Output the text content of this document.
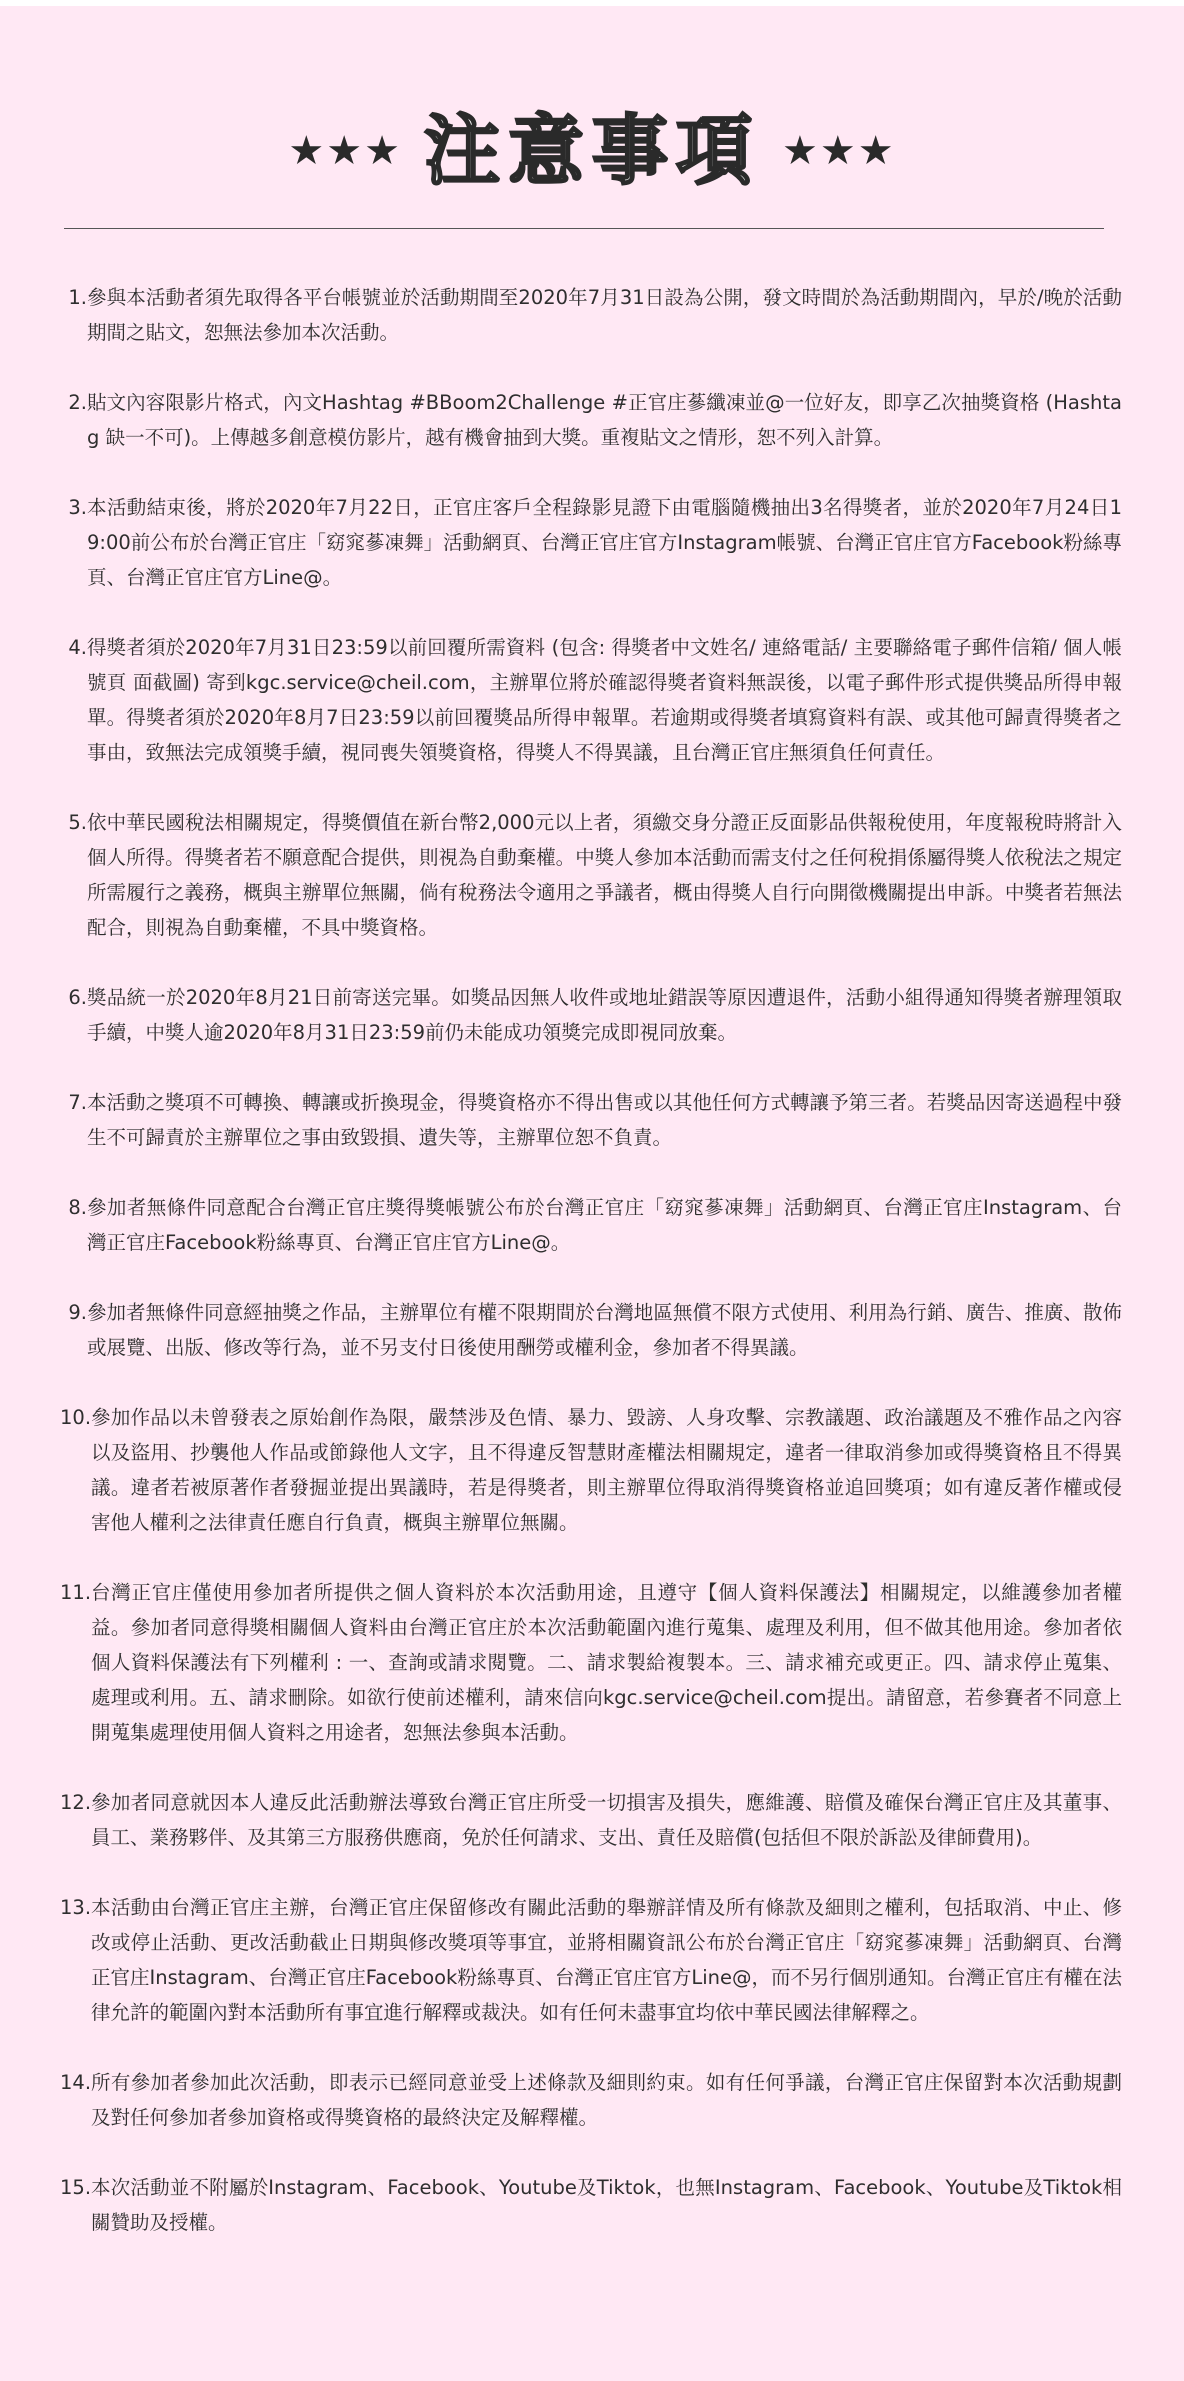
★★★ 注意事項 ★★★
1. 參與本活動者須先取得各平台帳號並於活動期間至2020年7月31日設為公開，發文時間於為活動期間內，早於/晚於活動期間之貼文，恕無法參加本次活動。
2. 貼文內容限影片格式，內文Hashtag #BBoom2Challenge #正官庄蔘纖凍並@一位好友，即享乙次抽獎資格 (Hashtag 缺一不可)。上傳越多創意模仿影片，越有機會抽到大獎。重複貼文之情形，恕不列入計算。
3. 本活動結束後，將於2020年7月22日，正官庄客戶全程錄影見證下由電腦隨機抽出3名得獎者，並於2020年7月24日19:00前公布於台灣正官庄「窈窕蔘凍舞」活動網頁、台灣正官庄官方Instagram帳號、台灣正官庄官方Facebook粉絲專頁、台灣正官庄官方Line@。
4. 得獎者須於2020年7月31日23:59以前回覆所需資料 (包含: 得獎者中文姓名/ 連絡電話/ 主要聯絡電子郵件信箱/ 個人帳號頁 面截圖) 寄到kgc.service@cheil.com，主辦單位將於確認得獎者資料無誤後，以電子郵件形式提供獎品所得申報單。得獎者須於2020年8月7日23:59以前回覆獎品所得申報單。若逾期或得獎者填寫資料有誤、或其他可歸責得獎者之事由，致無法完成領獎手續，視同喪失領獎資格，得獎人不得異議，且台灣正官庄無須負任何責任。
5. 依中華民國稅法相關規定，得獎價值在新台幣2,000元以上者，須繳交身分證正反面影品供報稅使用，年度報稅時將計入個人所得。得獎者若不願意配合提供，則視為自動棄權。中獎人參加本活動而需支付之任何稅捐係屬得獎人依稅法之規定所需履行之義務，概與主辦單位無關，倘有稅務法令適用之爭議者，概由得獎人自行向開徵機關提出申訴。中獎者若無法配合，則視為自動棄權，不具中獎資格。
6. 獎品統一於2020年8月21日前寄送完畢。如獎品因無人收件或地址錯誤等原因遭退件，活動小組得通知得獎者辦理領取手續，中獎人逾2020年8月31日23:59前仍未能成功領獎完成即視同放棄。
7. 本活動之獎項不可轉換、轉讓或折換現金，得獎資格亦不得出售或以其他任何方式轉讓予第三者。若獎品因寄送過程中發生不可歸責於主辦單位之事由致毀損、遺失等，主辦單位恕不負責。
8. 參加者無條件同意配合台灣正官庄獎得獎帳號公布於台灣正官庄「窈窕蔘凍舞」活動網頁、台灣正官庄Instagram、台灣正官庄Facebook粉絲專頁、台灣正官庄官方Line@。
9. 參加者無條件同意經抽獎之作品，主辦單位有權不限期間於台灣地區無償不限方式使用、利用為行銷、廣告、推廣、散佈或展覽、出版、修改等行為，並不另支付日後使用酬勞或權利金，參加者不得異議。
10. 參加作品以未曾發表之原始創作為限，嚴禁涉及色情、暴力、毀謗、人身攻擊、宗教議題、政治議題及不雅作品之內容以及盜用、抄襲他人作品或節錄他人文字，且不得違反智慧財產權法相關規定，違者一律取消參加或得獎資格且不得異議。違者若被原著作者發掘並提出異議時，若是得獎者，則主辦單位得取消得獎資格並追回獎項；如有違反著作權或侵害他人權利之法律責任應自行負責，概與主辦單位無關。
11. 台灣正官庄僅使用參加者所提供之個人資料於本次活動用途，且遵守【個人資料保護法】相關規定，以維護參加者權益。參加者同意得獎相關個人資料由台灣正官庄於本次活動範圍內進行蒐集、處理及利用，但不做其他用途。參加者依個人資料保護法有下列權利 : 一、查詢或請求閱覽。二、請求製給複製本。三、請求補充或更正。四、請求停止蒐集、處理或利用。五、請求刪除。如欲行使前述權利，請來信向kgc.service@cheil.com提出。請留意，若參賽者不同意上開蒐集處理使用個人資料之用途者，恕無法參與本活動。
12. 參加者同意就因本人違反此活動辦法導致台灣正官庄所受一切損害及損失，應維護、賠償及確保台灣正官庄及其董事、員工、業務夥伴、及其第三方服務供應商，免於任何請求、支出、責任及賠償(包括但不限於訴訟及律師費用)。
13. 本活動由台灣正官庄主辦，台灣正官庄保留修改有關此活動的舉辦詳情及所有條款及細則之權利，包括取消、中止、修改或停止活動、更改活動截止日期與修改獎項等事宜，並將相關資訊公布於台灣正官庄「窈窕蔘凍舞」活動網頁、台灣正官庄Instagram、台灣正官庄Facebook粉絲專頁、台灣正官庄官方Line@，而不另行個別通知。台灣正官庄有權在法律允許的範圍內對本活動所有事宜進行解釋或裁決。如有任何未盡事宜均依中華民國法律解釋之。
14. 所有參加者參加此次活動，即表示已經同意並受上述條款及細則約束。如有任何爭議，台灣正官庄保留對本次活動規劃及對任何參加者參加資格或得獎資格的最終決定及解釋權。
15. 本次活動並不附屬於Instagram、Facebook、Youtube及Tiktok，也無Instagram、Facebook、Youtube及Tiktok相關贊助及授權。
